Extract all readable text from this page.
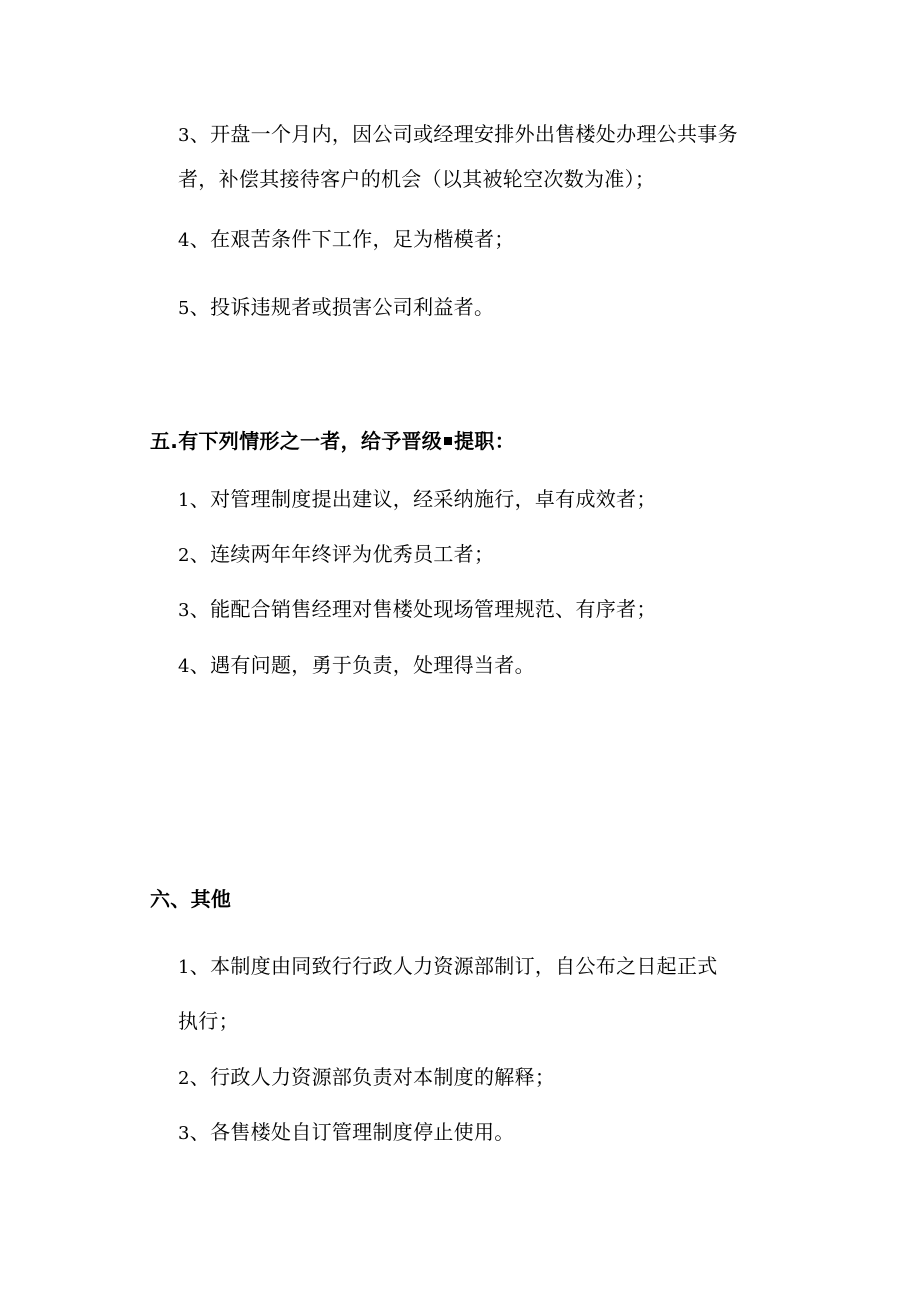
3、开盘一个月内，因公司或经理安排外出售楼处办理公共事务
者，补偿其接待客户的机会（以其被轮空次数为准）；
4、在艰苦条件下工作，足为楷模者；
5、投诉违规者或损害公司利益者。
五.有下列情形之一者，给予晋级 提职：
1、对管理制度提出建议，经采纳施行，卓有成效者；
2、连续两年年终评为优秀员工者；
3、能配合销售经理对售楼处现场管理规范、有序者；
4、遇有问题，勇于负责，处理得当者。
六、其他
1、本制度由同致行行政人力资源部制订，自公布之日起正式
执行；
2、行政人力资源部负责对本制度的解释；
3、各售楼处自订管理制度停止使用。
